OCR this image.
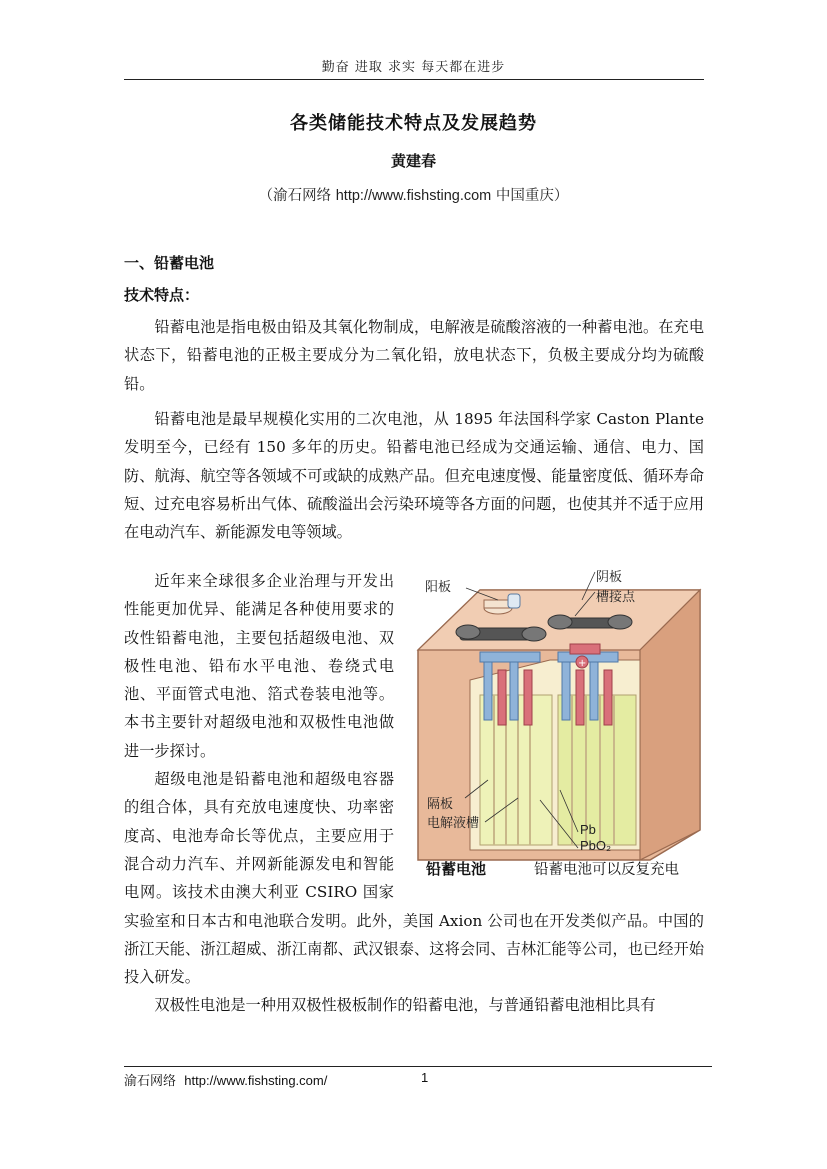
勤奋 进取 求实 每天都在进步
各类储能技术特点及发展趋势
黄建春
（渝石网络 http://www.fishsting.com 中国重庆）
一、铅蓄电池
技术特点：
铅蓄电池是指电极由铅及其氧化物制成，电解液是硫酸溶液的一种蓄电池。在充电状态下，铅蓄电池的正极主要成分为二氧化铅，放电状态下，负极主要成分均为硫酸铅。
铅蓄电池是最早规模化实用的二次电池，从 1895 年法国科学家 Caston Plante 发明至今，已经有 150 多年的历史。铅蓄电池已经成为交通运输、通信、电力、国防、航海、航空等各领域不可或缺的成熟产品。但充电速度慢、能量密度低、循环寿命短、过充电容易析出气体、硫酸溢出会污染环境等各方面的问题，也使其并不适于应用在电动汽车、新能源发电等领域。
近年来全球很多企业治理与开发出性能更加优异、能满足各种使用要求的改性铅蓄电池，主要包括超级电池、双极性电池、铅布水平电池、卷绕式电池、平面管式电池、箔式卷装电池等。本书主要针对超级电池和双极性电池做进一步探讨。
超级电池是铅蓄电池和超级电容器的组合体，具有充放电速度快、功率密度高、电池寿命长等优点，主要应用于混合动力汽车、并网新能源发电和智能电网。该技术由澳大利亚 CSIRO 国家实验室和日本古和电池联合发明。此外，美国 Axion 公司也在开发类似产品。中国的浙江天能、浙江超威、浙江南都、武汉银泰、这将会同、吉林汇能等公司，也已经开始投入研发。
双极性电池是一种用双极性极板制作的铅蓄电池，与普通铅蓄电池相比具有
+
阳板
阴板
槽接点
隔板
电解液槽	Pb
PbO₂
铅蓄电池	铅蓄电池可以反复充电
渝石网络 http://www.fishsting.com/	1
